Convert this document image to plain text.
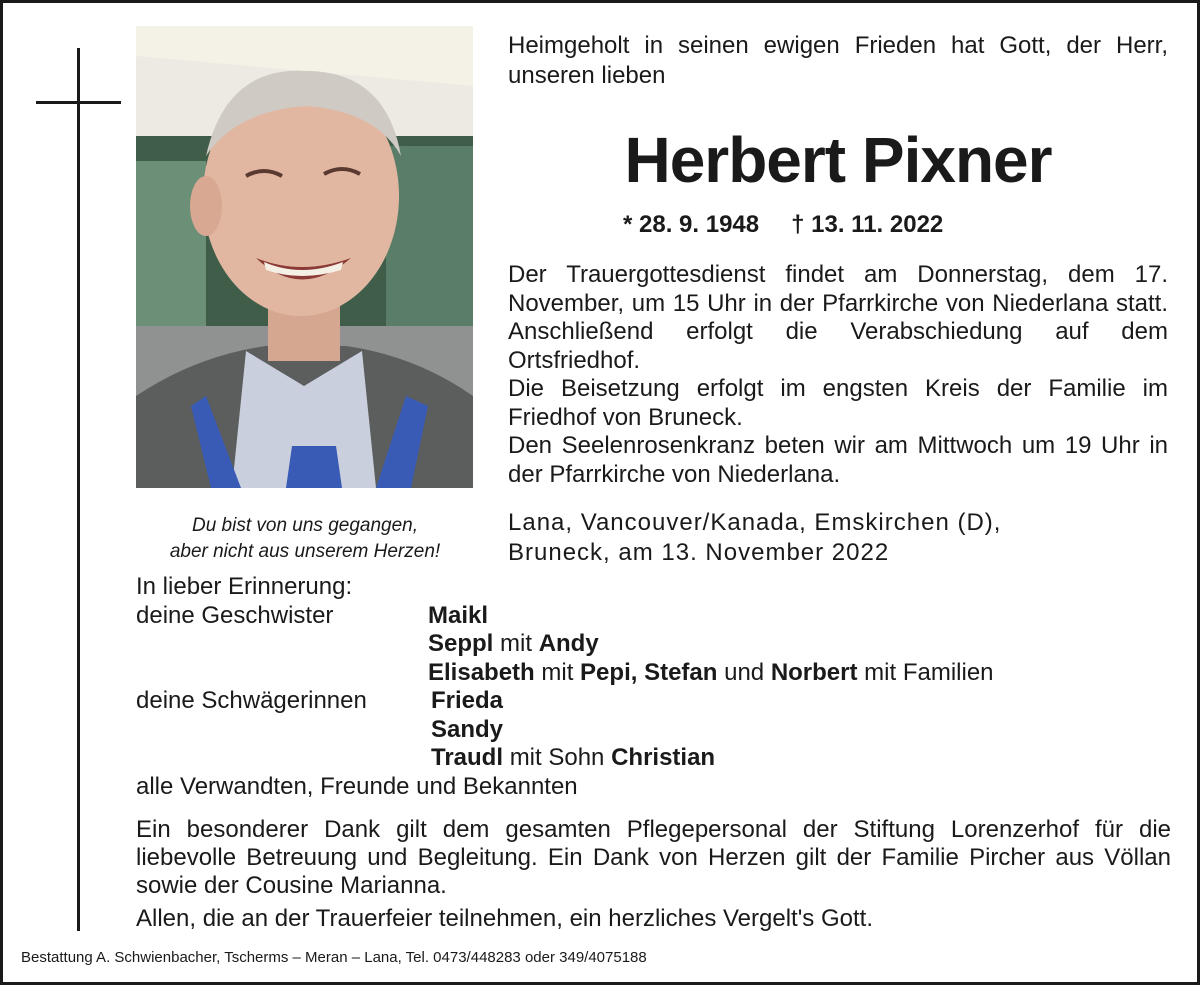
Du bist von uns gegangen,
aber nicht aus unserem Herzen!
Heimgeholt in seinen ewigen Frieden hat Gott, der Herr, unseren lieben
Herbert Pixner
* 28. 9. 1948 † 13. 11. 2022

Der Trauergottesdienst findet am Donnerstag, dem 17. November, um 15 Uhr in der Pfarrkirche von Niederlana statt. Anschließend erfolgt die Verabschiedung auf dem Ortsfriedhof.

Die Beisetzung erfolgt im engsten Kreis der Familie im Friedhof von Bruneck.

Den Seelenrosenkranz beten wir am Mittwoch um 19 Uhr in der Pfarrkirche von Niederlana.

Lana, Vancouver/Kanada, Emskirchen (D),
Bruneck, am 13. November 2022
In lieber Erinnerung:
deine Geschwister	Maikl
Seppl
mit
Andy
Elisabeth
mit
Pepi, Stefan
und
Norbert
mit Familien
deine Schwägerinnen	Frieda
Sandy
Traudl
mit Sohn
Christian
alle Verwandten, Freunde und Bekannten
Ein besonderer Dank gilt dem gesamten Pflegepersonal der Stiftung Lorenzerhof für die liebevolle Betreuung und Begleitung. Ein Dank von Herzen gilt der Familie Pircher aus Völlan sowie der Cousine Marianna.
Allen, die an der Trauerfeier teilnehmen, ein herzliches Vergelt's Gott.
Bestattung A. Schwienbacher, Tscherms – Meran – Lana, Tel. 0473/448283 oder 349/4075188
